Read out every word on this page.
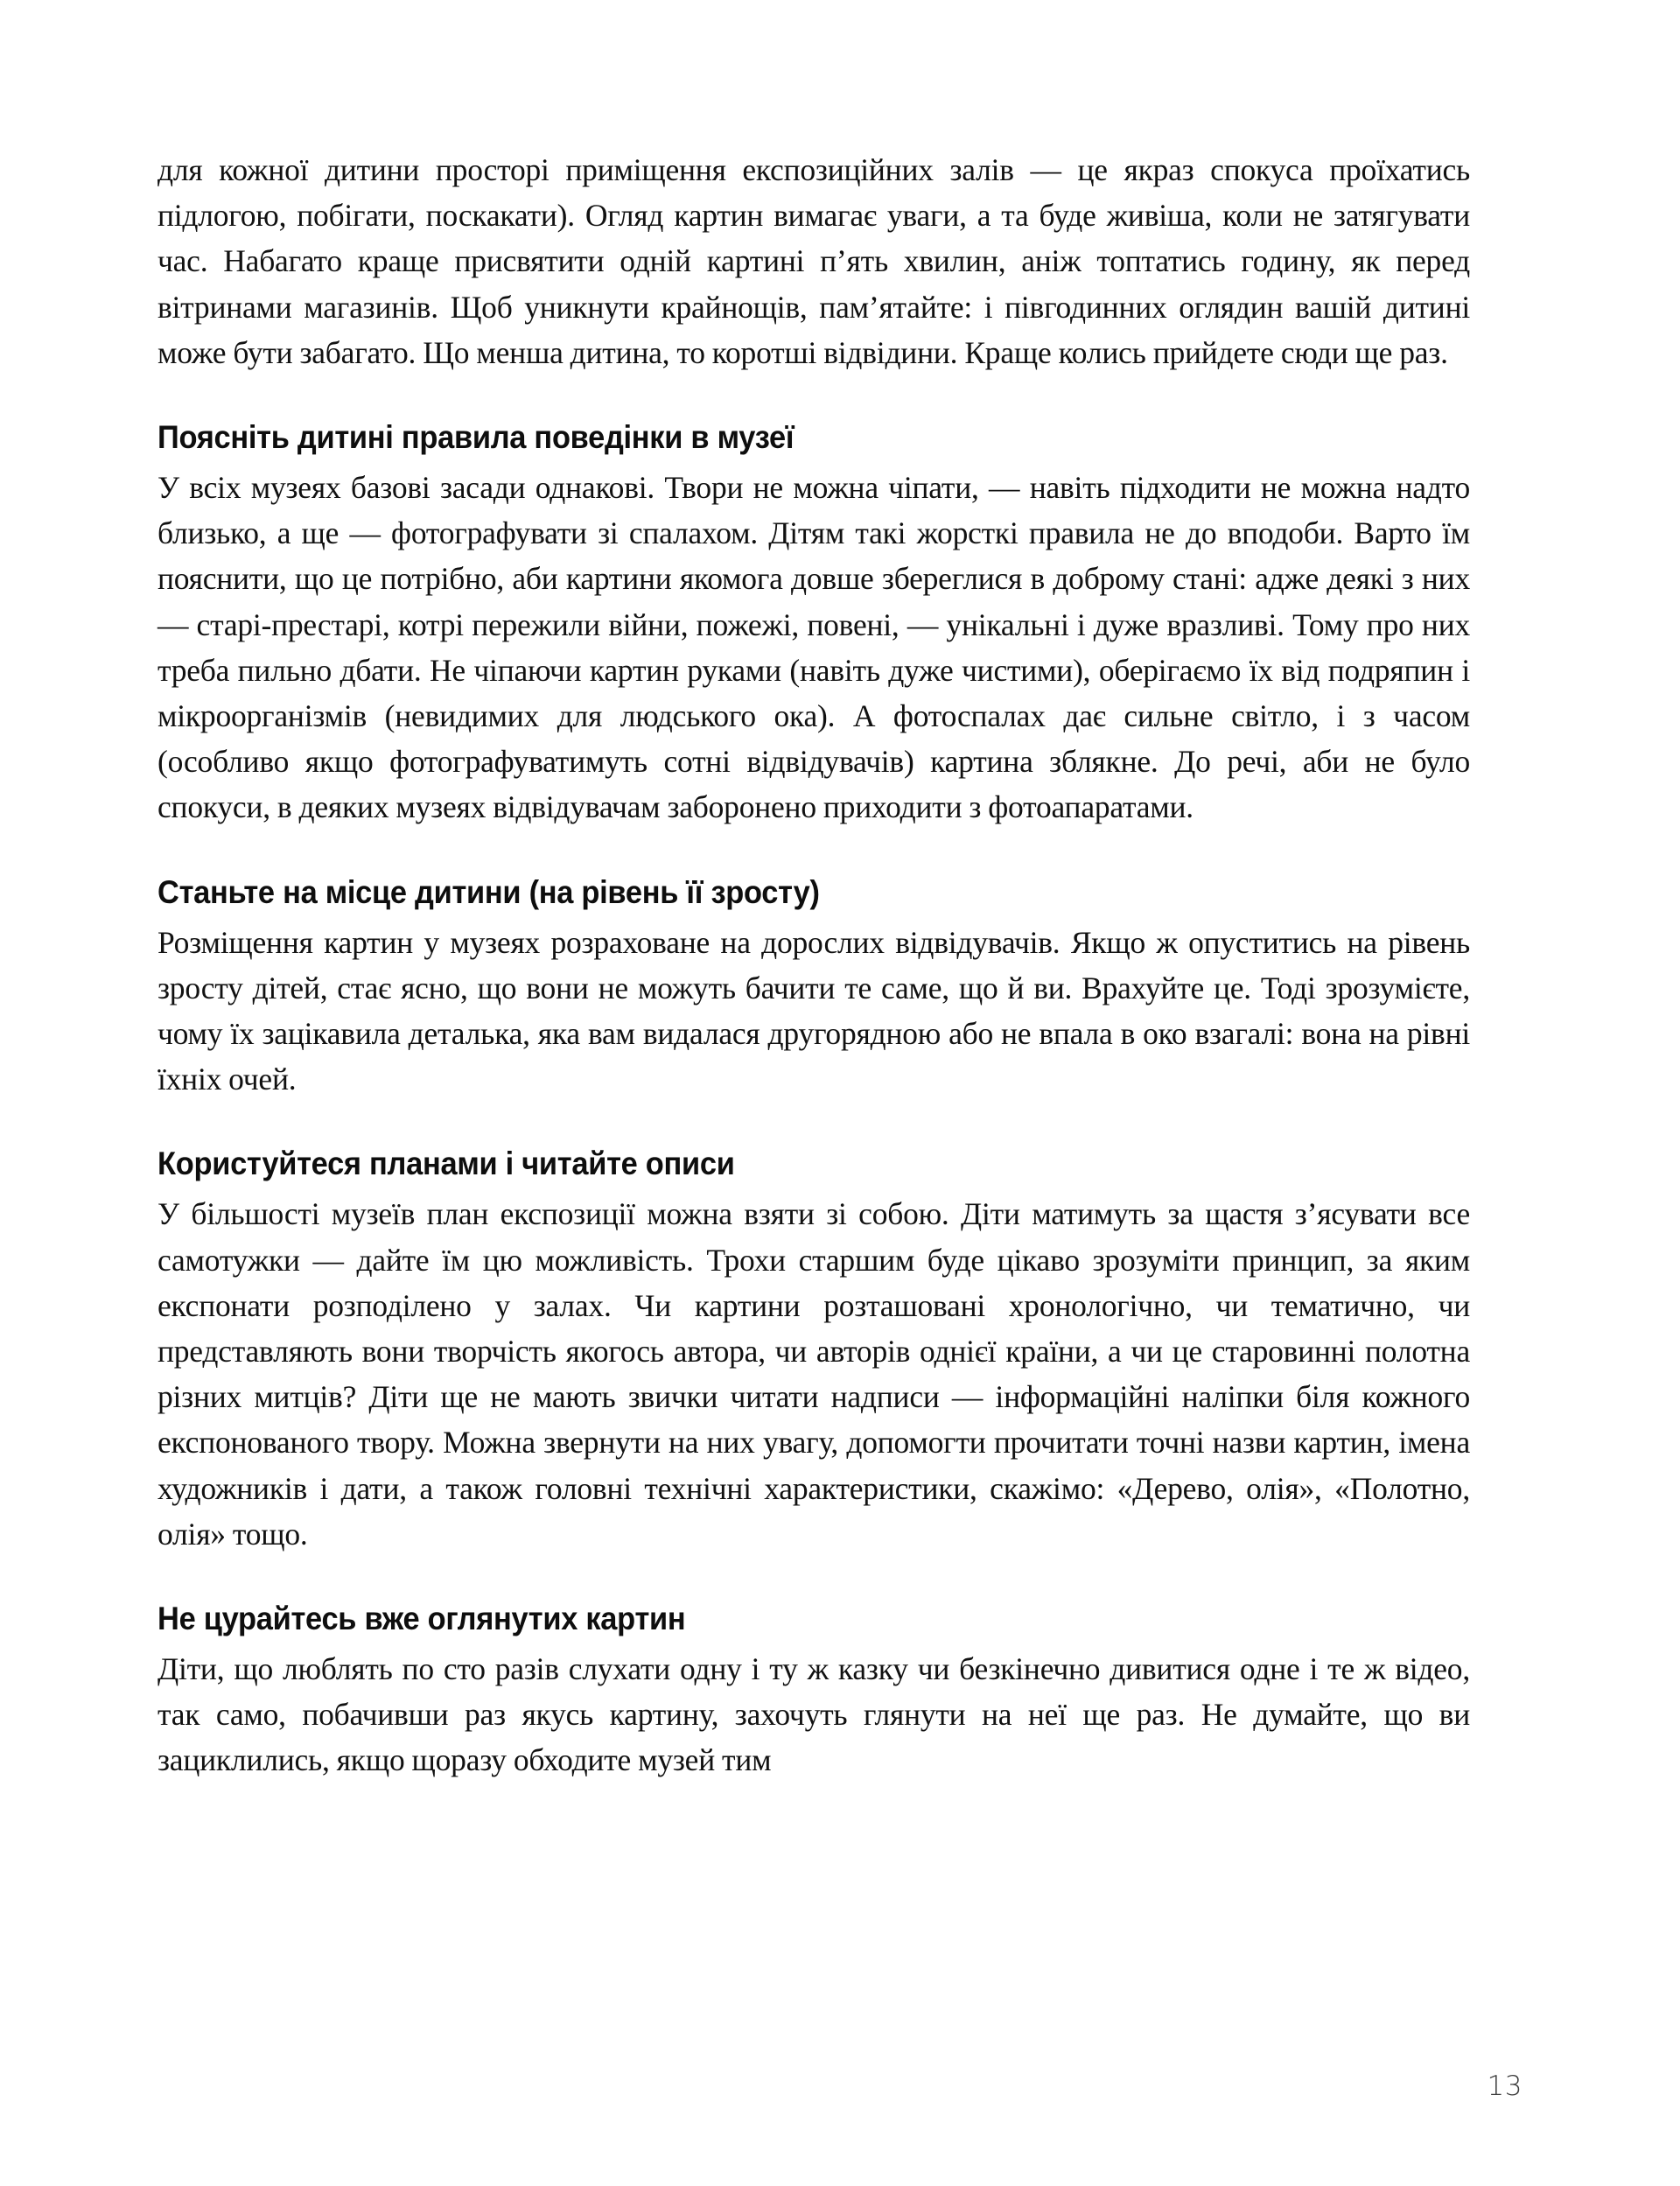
для кожної дитини просторі приміщення експозиційних залів — це якраз спокуса проїхатись підлогою, побігати, поскакати). Огляд картин вимагає уваги, а та буде живіша, коли не затягувати час. Набагато краще присвятити одній картині п’ять хвилин, аніж топтатись годину, як перед вітринами магазинів. Щоб уникнути крайнощів, пам’ятайте: і півгодинних оглядин вашій дитині може бути забагато. Що менша дитина, то коротші відвідини. Краще колись прийдете сюди ще раз.

Поясніть дитині правила поведінки в музеї

У всіх музеях базові засади однакові. Твори не можна чіпати, — навіть підходити не можна надто близько, а ще — фотографувати зі спалахом. Дітям такі жорсткі правила не до вподоби. Варто їм пояснити, що це потрібно, аби картини якомога довше збереглися в доброму стані: адже деякі з них — старі-престарі, котрі пережили війни, пожежі, повені, — унікальні і дуже вразливі. Тому про них треба пильно дбати. Не чіпаючи картин руками (навіть дуже чистими), оберігаємо їх від подряпин і мікроорганізмів (невидимих для людського ока). А фотоспалах дає сильне світло, і з часом (особливо якщо фотографуватимуть сотні відвідувачів) картина зблякне. До речі, аби не було спокуси, в деяких музеях відвідувачам заборонено приходити з фотоапаратами.

Станьте на місце дитини (на рівень її зросту)

Розміщення картин у музеях розраховане на дорослих відвідувачів. Якщо ж опуститись на рівень зросту дітей, стає ясно, що вони не можуть бачити те саме, що й ви. Врахуйте це. Тоді зрозумієте, чому їх зацікавила деталька, яка вам видалася другорядною або не впала в око взагалі: вона на рівні їхніх очей.

Користуйтеся планами і читайте описи

У більшості музеїв план експозиції можна взяти зі собою. Діти матимуть за щастя з’ясувати все самотужки — дайте їм цю можливість. Трохи старшим буде цікаво зрозуміти принцип, за яким експонати розподілено у залах. Чи картини розташовані хронологічно, чи тематично, чи представляють вони творчість якогось автора, чи авторів однієї країни, а чи це старовинні полотна різних митців? Діти ще не мають звички читати надписи — інформаційні наліпки біля кожного експонованого твору. Можна звернути на них увагу, допомогти прочитати точні назви картин, імена художників і дати, а також головні технічні характеристики, скажімо: «Дерево, олія», «Полотно, олія» тощо.

Не цурайтесь вже оглянутих картин

Діти, що люблять по сто разів слухати одну і ту ж казку чи безкінечно дивитися одне і те ж відео, так само, побачивши раз якусь картину, захочуть глянути на неї ще раз. Не думайте, що ви зациклились, якщо щоразу обходите музей тим

13
